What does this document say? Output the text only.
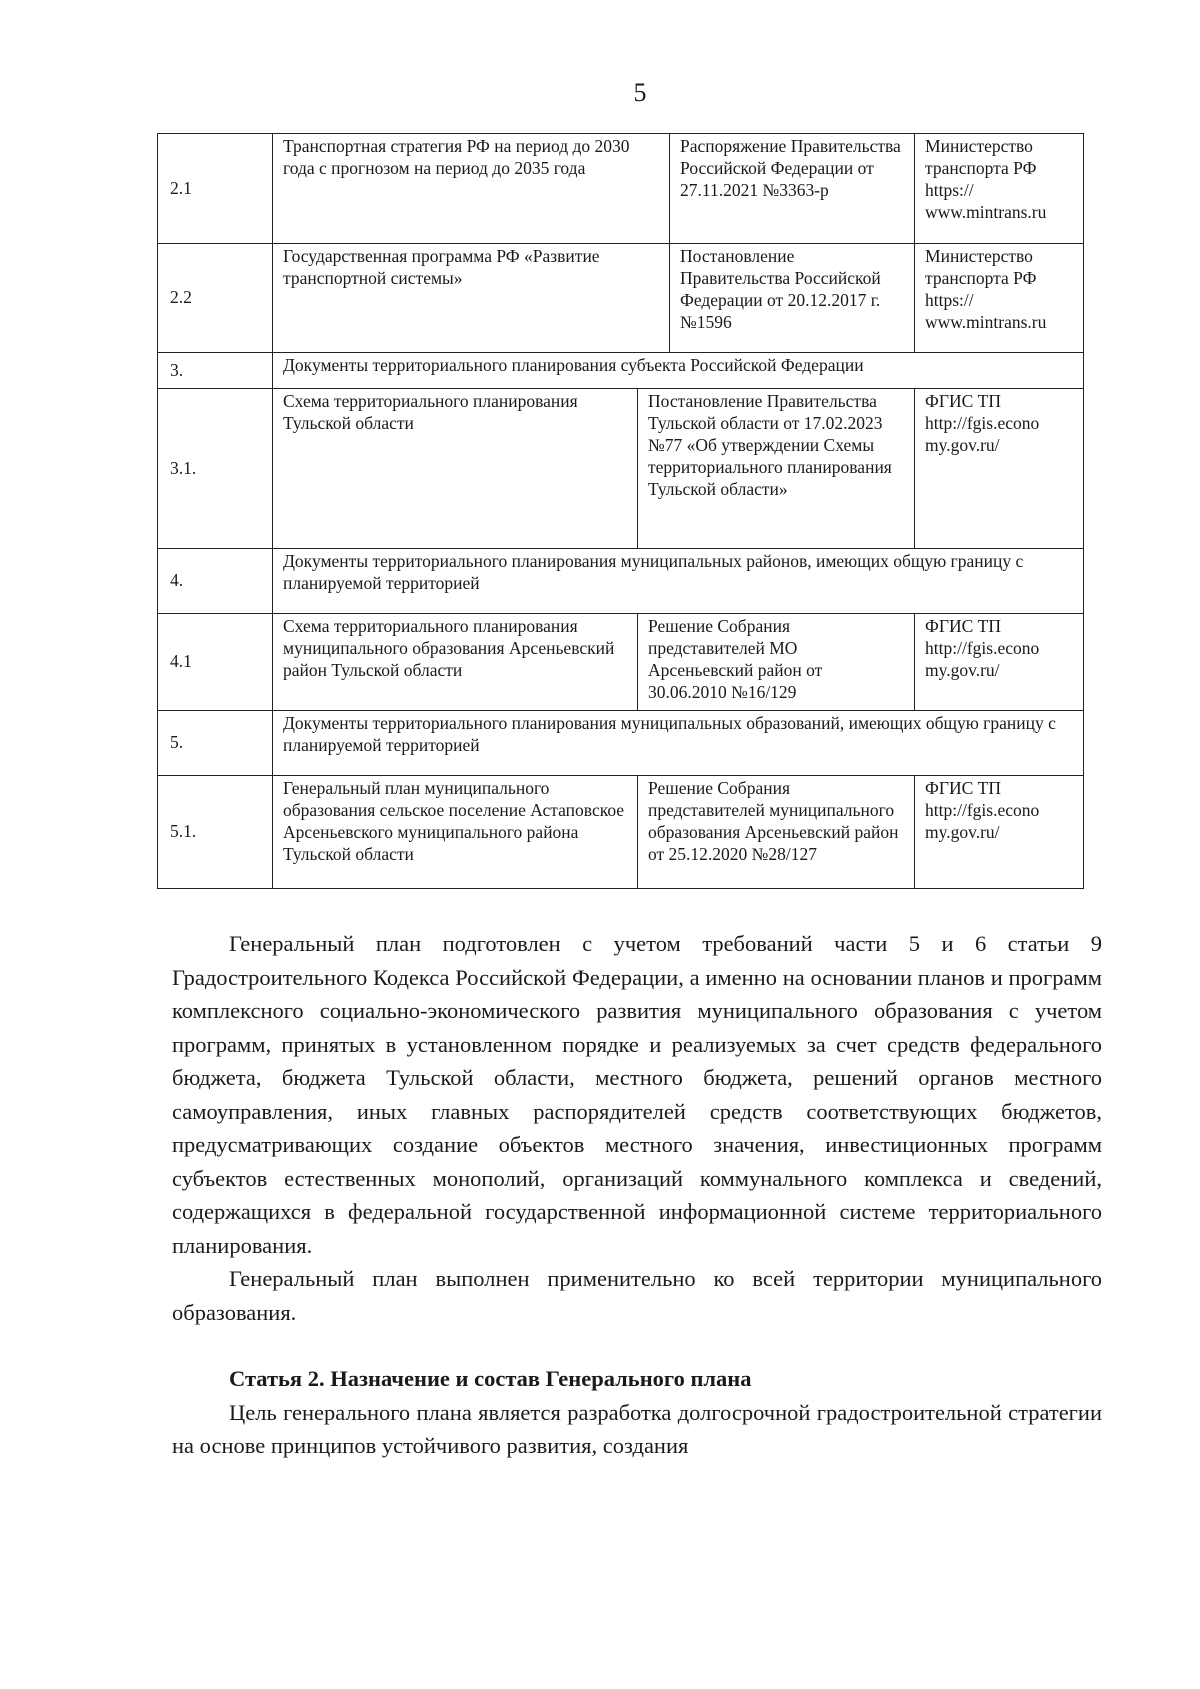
5
2.1	Транспортная стратегия РФ на период до 2030 года с прогнозом на период до 2035 года		Распоряжение Правительства Российской Федерации от 27.11.2021 №3363-р	Министерство транспорта РФ https:// www.mintrans.ru
2.2	Государственная программа РФ «Развитие транспортной системы»		Постановление Правительства Российской Федерации от 20.12.2017 г. №1596	Министерство транспорта РФ https:// www.mintrans.ru
3.	Документы территориального планирования субъекта Российской Федерации			
3.1.	Схема территориального планирования Тульской области	Постановление Правительства Тульской области от 17.02.2023 №77 «Об утверждении Схемы территориального планирования Тульской области»		ФГИС ТП http://fgis.econo my.gov.ru/
4.	Документы территориального планирования муниципальных районов, имеющих общую границу с планируемой территорией			
4.1	Схема территориального планирования муниципального образования Арсеньевский район Тульской области	Решение Собрания представителей МО Арсеньевский район от 30.06.2010 №16/129		ФГИС ТП http://fgis.econo my.gov.ru/
5.	Документы территориального планирования муниципальных образований, имеющих общую границу с планируемой территорией			
5.1.	Генеральный план муниципального образования сельское поселение Астаповское Арсеньевского муниципального района Тульской области	Решение Собрания представителей муниципального образования Арсеньевский район от 25.12.2020 №28/127		ФГИС ТП http://fgis.econo my.gov.ru/

Генеральный план подготовлен с учетом требований части 5 и 6 статьи 9 Градостроительного Кодекса Российской Федерации, а именно на основании планов и программ комплексного социально-экономического развития муниципального образования с учетом программ, принятых в установленном порядке и реализуемых за счет средств федерального бюджета, бюджета Тульской области, местного бюджета, решений органов местного самоуправления, иных главных распорядителей средств соответствующих бюджетов, предусматривающих создание объектов местного значения, инвестиционных программ субъектов естественных монополий, организаций коммунального комплекса и сведений, содержащихся в федеральной государственной информационной системе территориального планирования.

Генеральный план выполнен применительно ко всей территории муниципального образования.

Статья 2. Назначение и состав Генерального плана

Цель генерального плана является разработка долгосрочной градостроительной стратегии на основе принципов устойчивого развития, создания
